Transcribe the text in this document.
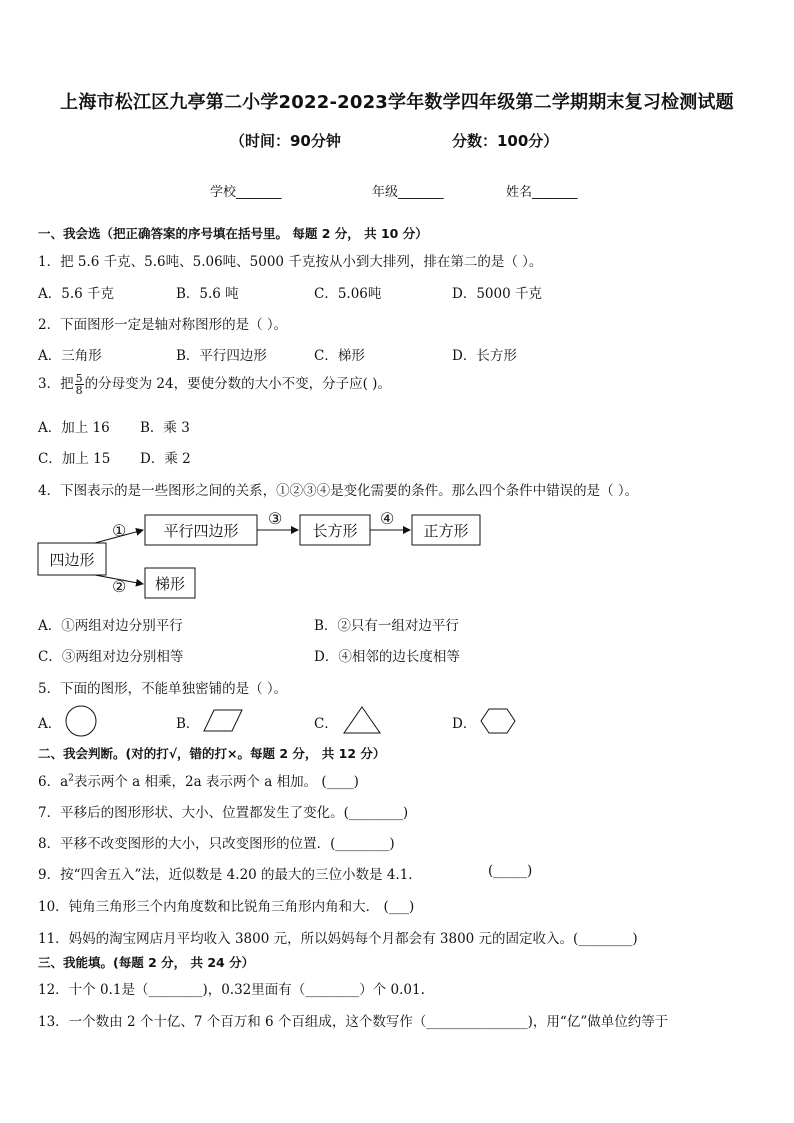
上海市松江区九亭第二小学2022-2023学年数学四年级第二学期期末复习检测试题
（时间：90分钟	分数：100分）
学校_______	年级_______	姓名_______
一、我会选（把正确答案的序号填在括号里。 每题 2 分， 共 10 分）
1．把 5.6 千克、5.6吨、5.06吨、5000 千克按从小到大排列，排在第二的是（ ）。
A．5.6 千克	B．5.6 吨	C．5.06吨	D．5000 千克
2．下面图形一定是轴对称图形的是（ ）。
A．三角形	B．平行四边形	C．梯形	D．长方形
3．把 $\frac{5}{8}$ 的分母变为 24，要使分数的大小不变，分子应( )。
A．加上 16 B．乘 3
C．加上 15 D．乘 2
4．下图表示的是一些图形之间的关系，①②③④是变化需要的条件。那么四个条件中错误的是（ ）。
四边形
平行四边形	长方形	正方形
梯形
①
②
③	④
A．①两组对边分别平行	B．②只有一组对边平行
C．③两组对边分别相等	D．④相邻的边长度相等
5．下面的图形，不能单独密铺的是（ ）。
A．	B．	C．	D．
二、我会判断。(对的打√，错的打×。每题 2 分， 共 12 分）
6．$a^2$表示两个 a 相乘，2a 表示两个 a 相加。 (____)
7．平移后的图形形状、大小、位置都发生了变化。(________)
8．平移不改变图形的大小，只改变图形的位置．(________)
9．按“四舍五入”法，近似数是 4.20 的最大的三位小数是 4.1．	(_____)
10．钝角三角形三个内角度数和比锐角三角形内角和大． (___)
11．妈妈的淘宝网店月平均收入 3800 元，所以妈妈每个月都会有 3800 元的固定收入。(________)
三、我能填。(每题 2 分， 共 24 分）
12．十个 0.1是（________)，0.32里面有（________）个 0.01.
13．一个数由 2 个十亿、7 个百万和 6 个百组成，这个数写作（_______________)，用“亿”做单位约等于
